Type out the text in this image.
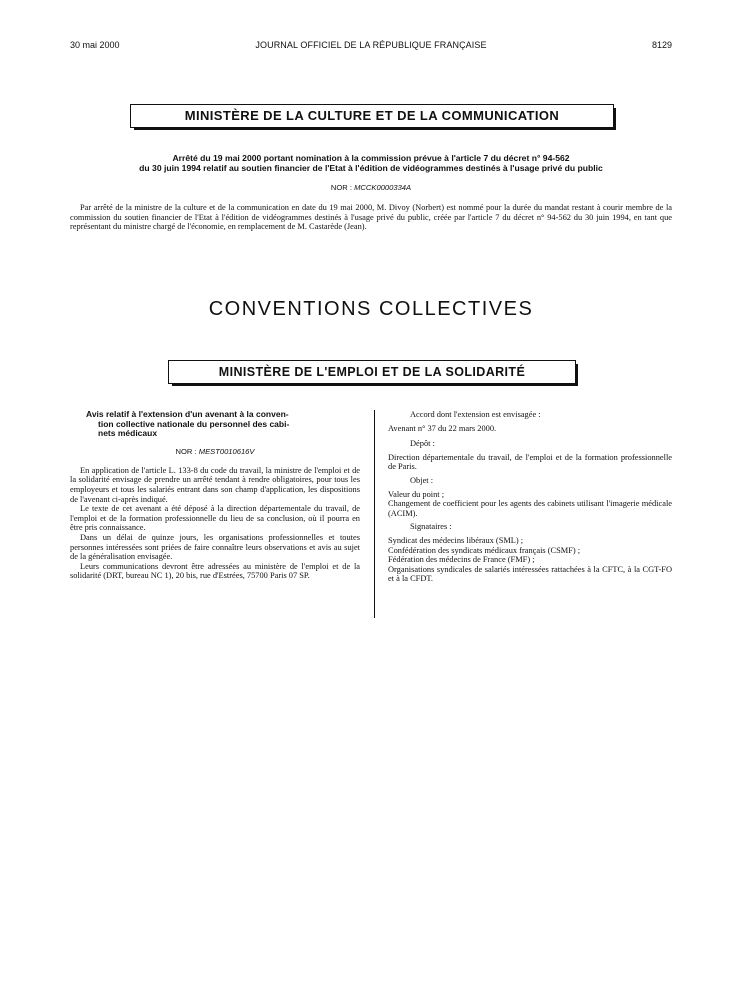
30 mai 2000	JOURNAL OFFICIEL DE LA RÉPUBLIQUE FRANÇAISE	8129
MINISTÈRE DE LA CULTURE ET DE LA COMMUNICATION
Arrêté du 19 mai 2000 portant nomination à la commission prévue à l'article 7 du décret n° 94-562
du 30 juin 1994 relatif au soutien financier de l'Etat à l'édition de vidéogrammes destinés à l'usage privé du public
NOR : MCCK0000334A

Par arrêté de la ministre de la culture et de la communication en date du 19 mai 2000, M. Divoy (Norbert) est nommé pour la durée du mandat restant à courir membre de la commission du soutien financier de l'Etat à l'édition de vidéogrammes destinés à l'usage privé du public, créée par l'article 7 du décret n° 94-562 du 30 juin 1994, en tant que représentant du ministre chargé de l'économie, en remplacement de M. Castarède (Jean).

CONVENTIONS COLLECTIVES
MINISTÈRE DE L'EMPLOI ET DE LA SOLIDARITÉ
Avis relatif à l'extension d'un avenant à la conven-
tion collective nationale du personnel des cabi-
nets médicaux
NOR : MEST0010616V

En application de l'article L. 133-8 du code du travail, la ministre de l'emploi et de la solidarité envisage de prendre un arrêté tendant à rendre obligatoires, pour tous les employeurs et tous les salariés entrant dans son champ d'application, les dispositions de l'avenant ci-après indiqué.

Le texte de cet avenant a été déposé à la direction départementale du travail, de l'emploi et de la formation professionnelle du lieu de sa conclusion, où il pourra en être pris connaissance.

Dans un délai de quinze jours, les organisations professionnelles et toutes personnes intéressées sont priées de faire connaître leurs observations et avis au sujet de la généralisation envisagée.

Leurs communications devront être adressées au ministère de l'emploi et de la solidarité (DRT, bureau NC 1), 20 bis, rue d'Estrées, 75700 Paris 07 SP.

Accord dont l'extension est envisagée :

Avenant n° 37 du 22 mars 2000.

Dépôt :

Direction départementale du travail, de l'emploi et de la formation professionnelle de Paris.

Objet :

Valeur du point ;

Changement de coefficient pour les agents des cabinets utilisant l'imagerie médicale (ACIM).

Signataires :

Syndicat des médecins libéraux (SML) ;

Confédération des syndicats médicaux français (CSMF) ;

Fédération des médecins de France (FMF) ;

Organisations syndicales de salariés intéressées rattachées à la CFTC, à la CGT-FO et à la CFDT.
